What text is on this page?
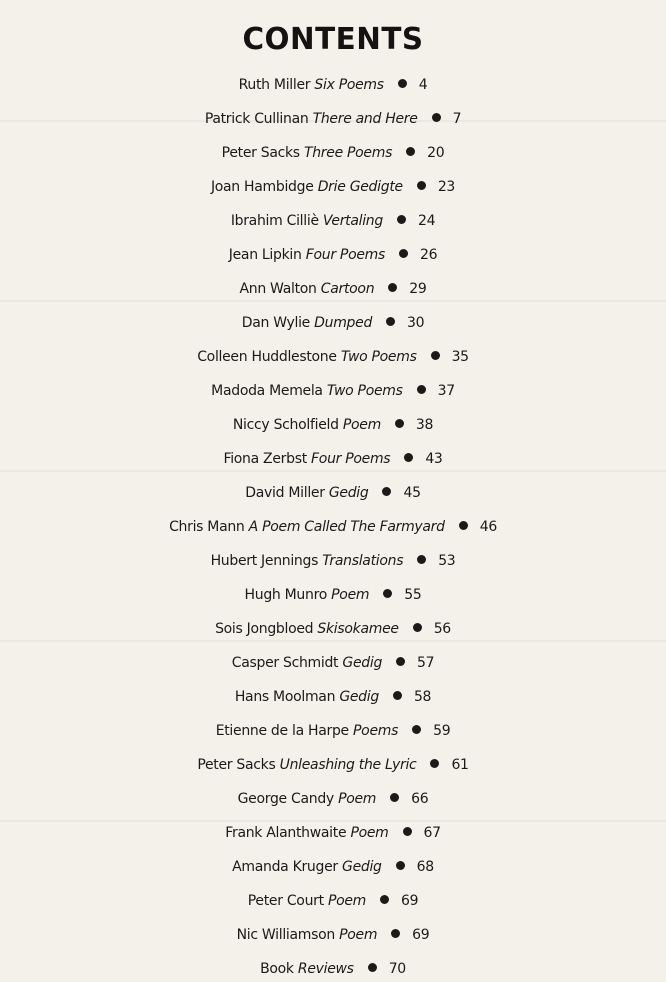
CONTENTS
Ruth Miller Six Poems	4
Patrick Cullinan There and Here	7
Peter Sacks Three Poems	20
Joan Hambidge Drie Gedigte	23
Ibrahim Cilliè Vertaling	24
Jean Lipkin Four Poems	26
Ann Walton Cartoon	29
Dan Wylie Dumped	30
Colleen Huddlestone Two Poems	35
Madoda Memela Two Poems	37
Niccy Scholfield Poem	38
Fiona Zerbst Four Poems	43
David Miller Gedig	45
Chris Mann A Poem Called The Farmyard	46
Hubert Jennings Translations	53
Hugh Munro Poem	55
Sois Jongbloed Skisokamee	56
Casper Schmidt Gedig	57
Hans Moolman Gedig	58
Etienne de la Harpe Poems	59
Peter Sacks Unleashing the Lyric	61
George Candy Poem	66
Frank Alanthwaite Poem	67
Amanda Kruger Gedig	68
Peter Court Poem	69
Nic Williamson Poem	69
Book Reviews	70
